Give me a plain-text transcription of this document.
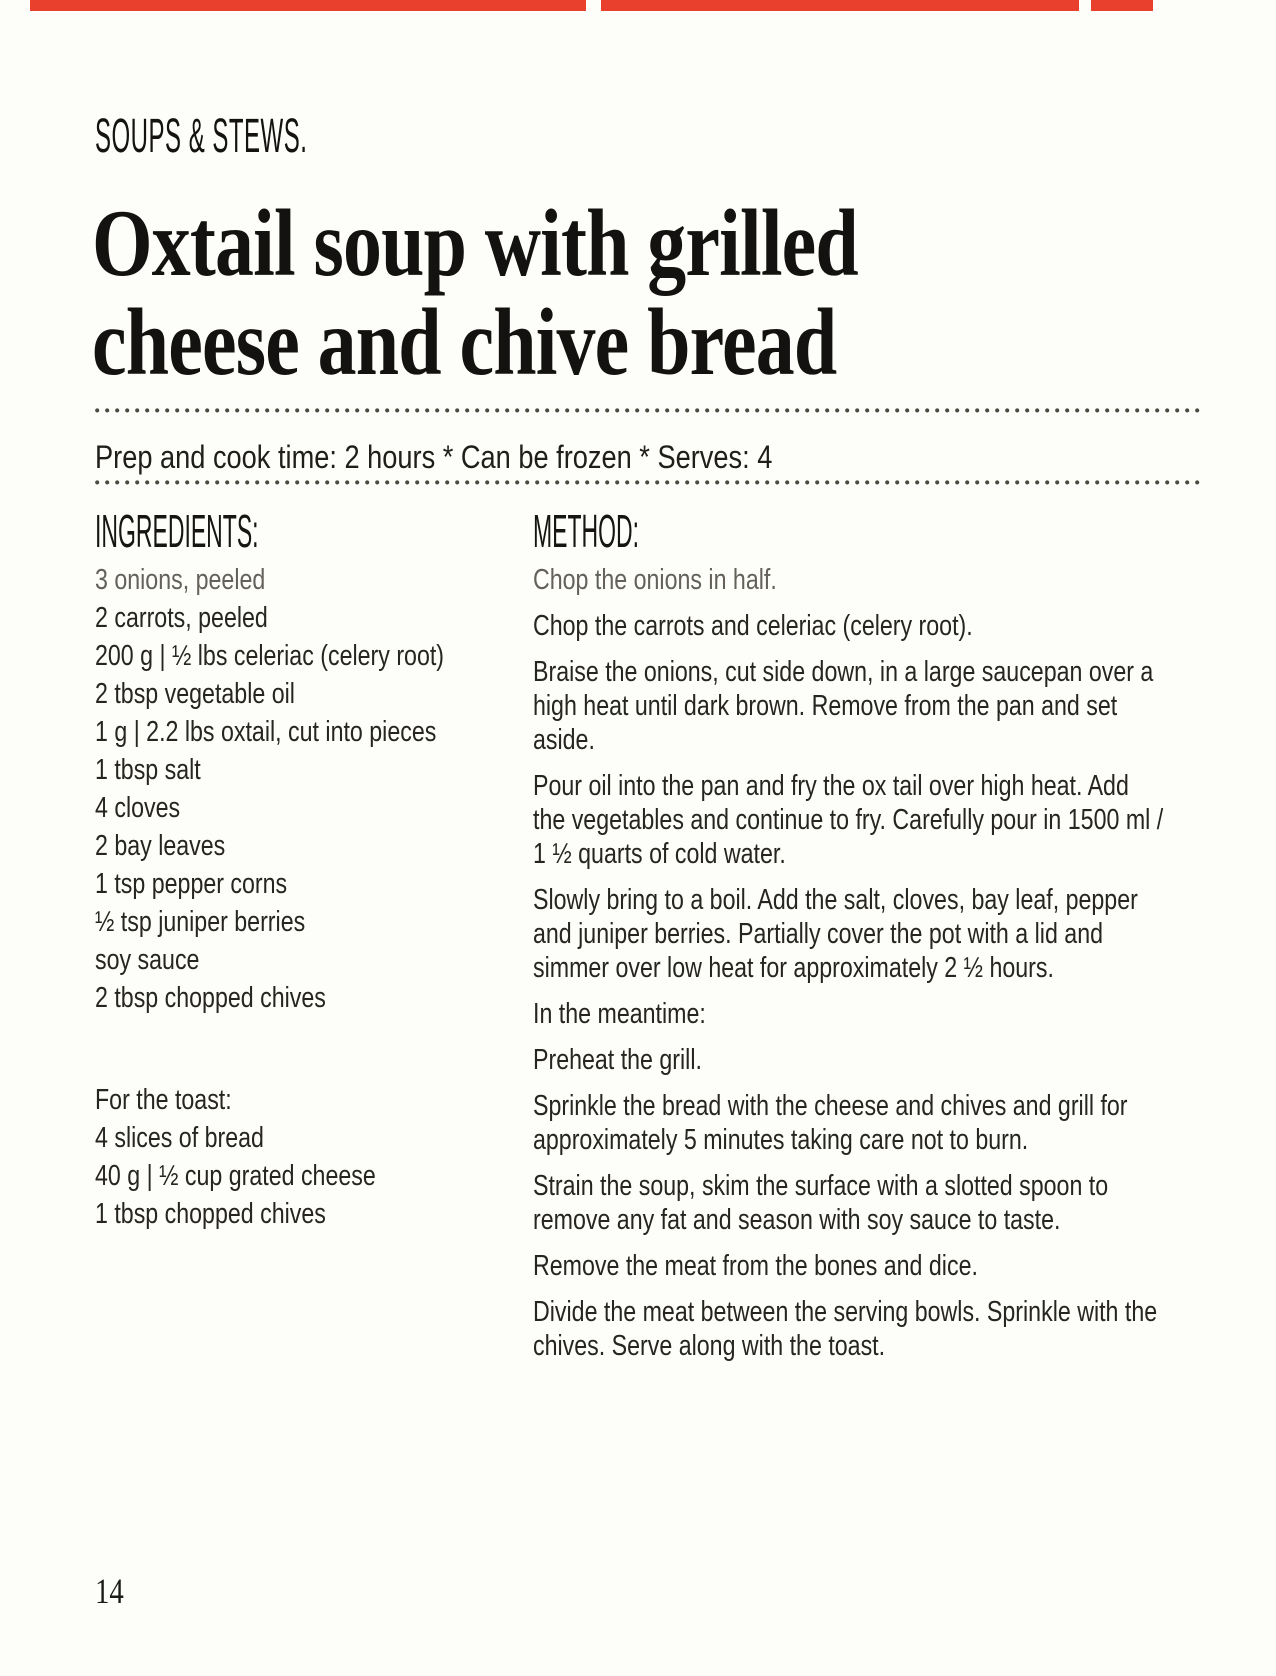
SOUPS & STEWS.
Oxtail soup with grilled
cheese and chive bread
Prep and cook time: 2 hours * Can be frozen * Serves: 4
INGREDIENTS:
3 onions, peeled
2 carrots, peeled
200 g | ½ lbs celeriac (celery root)
2 tbsp vegetable oil
1 g | 2.2 lbs oxtail, cut into pieces
1 tbsp salt
4 cloves
2 bay leaves
1 tsp pepper corns
½ tsp juniper berries
soy sauce
2 tbsp chopped chives
For the toast:
4 slices of bread
40 g | ½ cup grated cheese
1 tbsp chopped chives
METHOD:

Chop the onions in half.

Chop the carrots and celeriac (celery root).

Braise the onions, cut side down, in a large saucepan over a high heat until dark brown. Remove from the pan and set aside.

Pour oil into the pan and fry the ox tail over high heat. Add the vegetables and continue to fry. Carefully pour in 1500 ml / 1 ½ quarts of cold water.

Slowly bring to a boil. Add the salt, cloves, bay leaf, pepper and juniper berries. Partially cover the pot with a lid and simmer over low heat for approximately 2 ½ hours.

In the meantime:

Preheat the grill.

Sprinkle the bread with the cheese and chives and grill for approximately 5 minutes taking care not to burn.

Strain the soup, skim the surface with a slotted spoon to remove any fat and season with soy sauce to taste.

Remove the meat from the bones and dice.

Divide the meat between the serving bowls. Sprinkle with the chives. Serve along with the toast.

14
